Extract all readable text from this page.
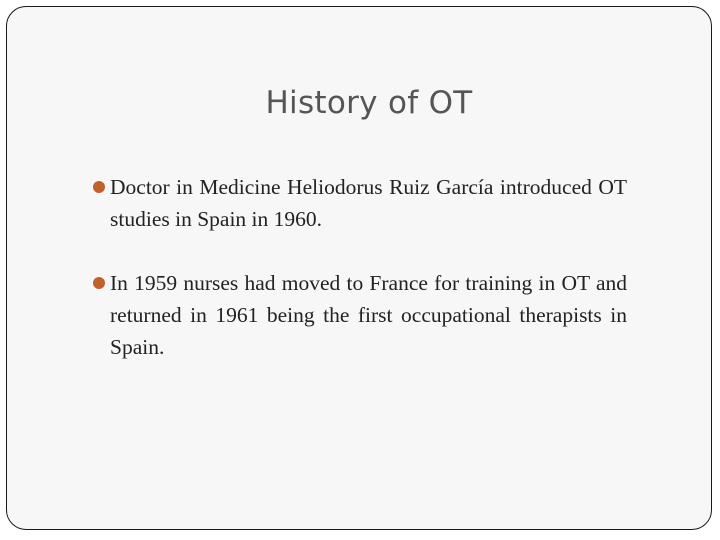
History of OT
Doctor in Medicine Heliodorus Ruiz García introduced OT studies in Spain in 1960.
In 1959 nurses had moved to France for training in OT and returned in 1961 being the first occupational therapists in Spain.
